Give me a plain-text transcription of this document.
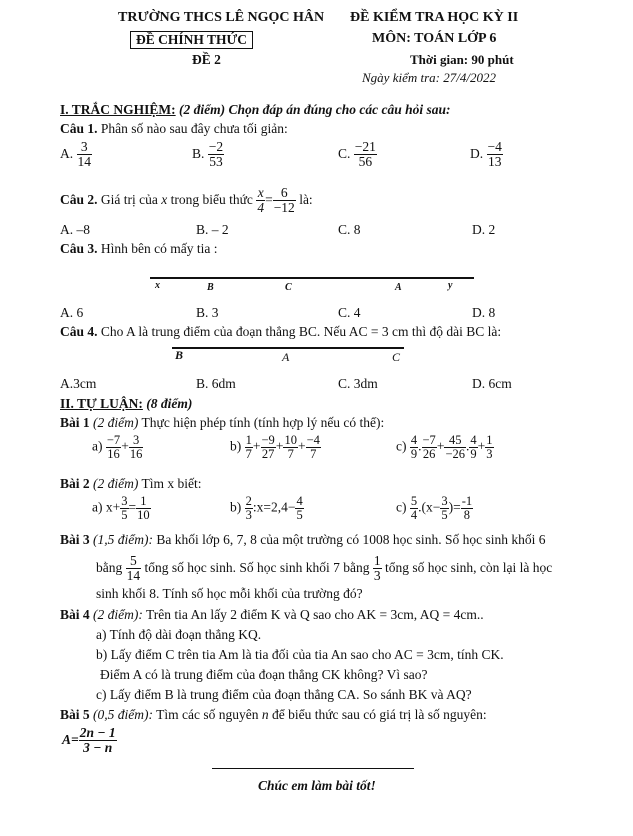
TRƯỜNG THCS LÊ NGỌC HÂN
ĐỀ CHÍNH THỨC
ĐỀ 2
ĐỀ KIỂM TRA HỌC KỲ II
MÔN: TOÁN LỚP 6
Thời gian: 90 phút
Ngày kiểm tra: 27/4/2022
I. TRẮC NGHIỆM: (2 điểm) Chọn đáp án đúng cho các câu hỏi sau:
Câu 1. Phân số nào sau đây chưa tối giản:
A. $\frac{3}{14}$	B. $\frac{-2}{53}$	C. $\frac{-21}{56}$	D. $\frac{-4}{13}$
Câu 2. Giá trị của x trong biểu thức $\frac{x}{4} = \frac{6}{-12}$ là:
A. –8	B. – 2	C. 8	D. 2
Câu 3. Hình bên có mấy tia :
x	B	C	A	y
A. 6	B. 3	C. 4	D. 8
Câu 4. Cho A là trung điểm của đoạn thẳng BC. Nếu AC = 3 cm thì độ dài BC là:
B	A	C
A.3cm	B. 6dm	C. 3dm	D. 6cm
II. TỰ LUẬN: (8 điểm)
Bài 1 (2 điểm) Thực hiện phép tính (tính hợp lý nếu có thể):
$a) \frac{-7}{16} + \frac{3}{16}$	$b) \frac{1}{7} + \frac{-9}{27} + \frac{10}{7} + \frac{-4}{7}$	$c) \frac{4}{9}$ . $\frac{-7}{26} + \frac{45}{-26}$ . $\frac{4}{9} + \frac{1}{3}$
Bài 2 (2 điểm) Tìm x biết:
a) $x+ \frac{3}{5} = \frac{1}{10}$	$b) \frac{2}{3}$ :x=2,4− $\frac{4}{5}$	$c) \frac{5}{4} .(x- \frac{3}{5}$ )= $\frac{-1}{8}$
Bài 3 (1,5 điểm): Ba khối lớp 6, 7, 8 của một trường có 1008 học sinh. Số học sinh khối 6
bằng $\frac{5}{14}$ tổng số học sinh. Số học sinh khối 7 bằng $\frac{1}{3}$ tổng số học sinh, còn lại là học
sinh khối 8. Tính số học mỗi khối của trường đó?
Bài 4 (2 điểm): Trên tia An lấy 2 điểm K và Q sao cho AK = 3cm, AQ = 4cm..
a) Tính độ dài đoạn thẳng KQ.
b) Lấy điểm C trên tia Am là tia đối của tia An sao cho AC = 3cm, tính CK.
Điểm A có là trung điểm của đoạn thẳng CK không? Vì sao?
c) Lấy điểm B là trung điểm của đoạn thẳng CA. So sánh BK và AQ?
Bài 5 (0,5 điểm): Tìm các số nguyên n để biểu thức sau có giá trị là số nguyên:
$A= \frac{2n - 1}{3 - n}$
Chúc em làm bài tốt!
